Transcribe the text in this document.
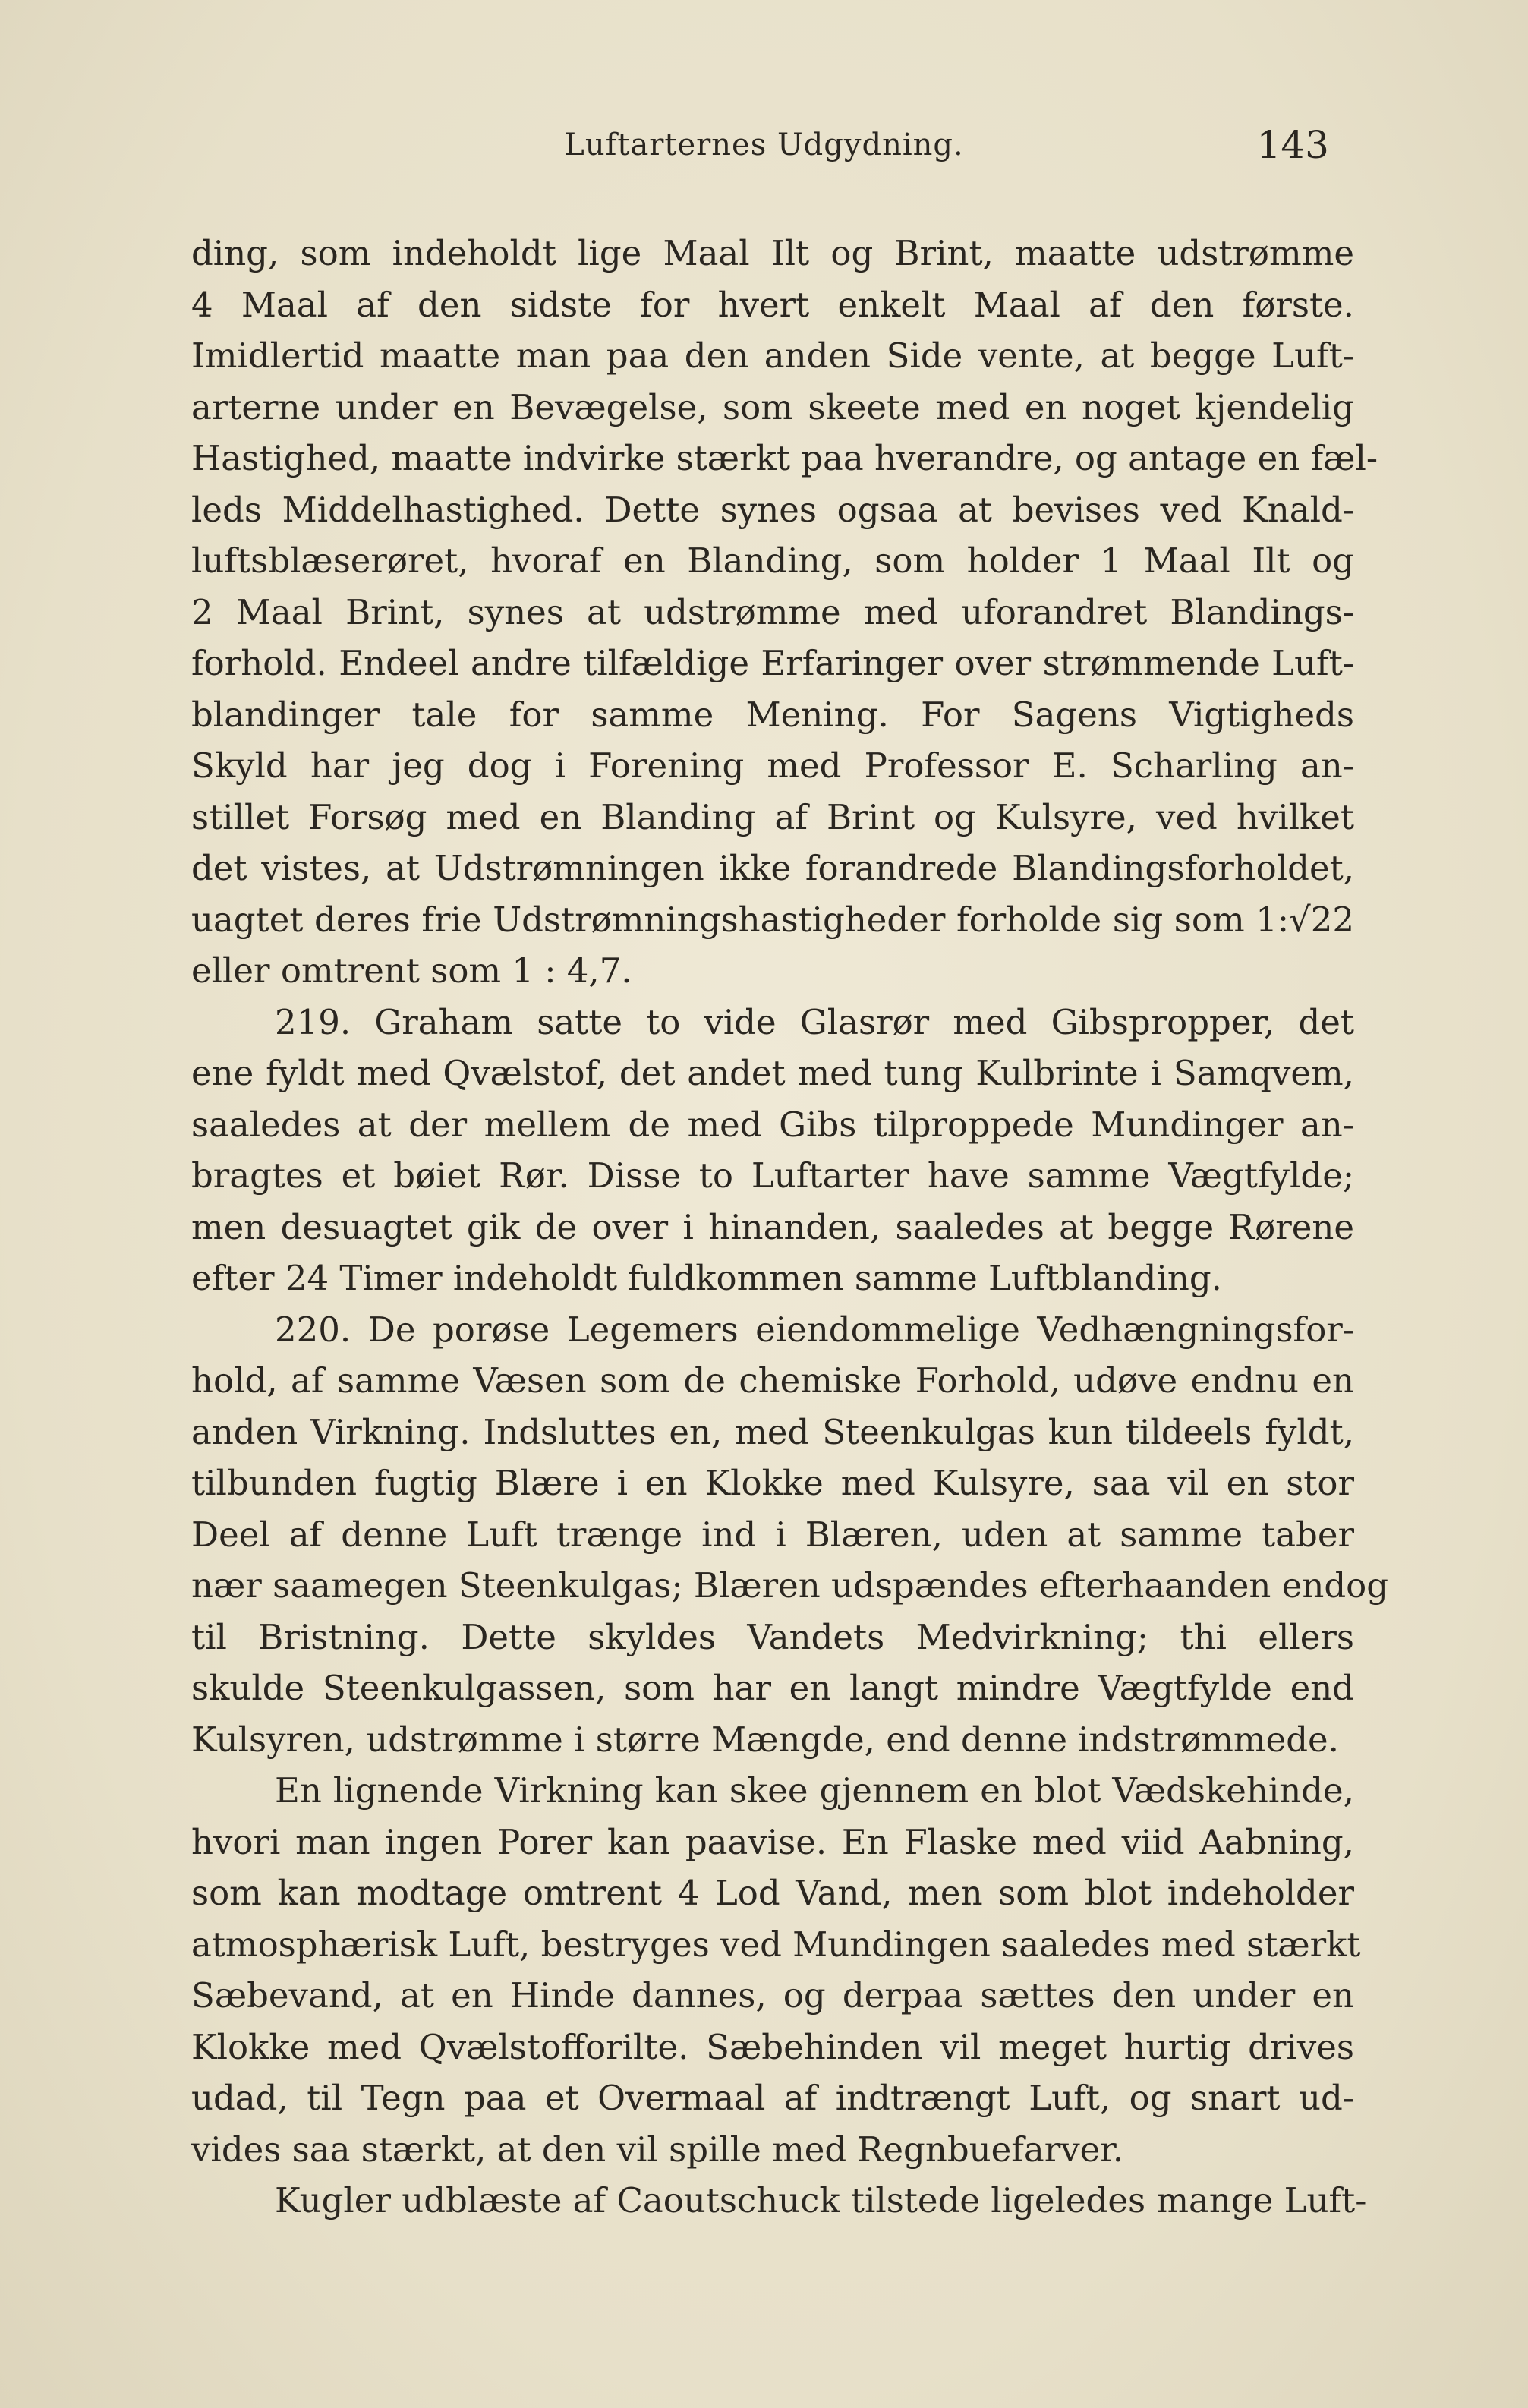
Luftarternes Udgydning.	143
ding, som indeholdt lige Maal Ilt og Brint, maatte udstrømme
4 Maal af den sidste for hvert enkelt Maal af den første.
Imidlertid maatte man paa den anden Side vente, at begge Luft-
arterne under en Bevægelse, som skeete med en noget kjendelig
Hastighed, maatte indvirke stærkt paa hverandre, og antage en fæl-
leds Middelhastighed. Dette synes ogsaa at bevises ved Knald-
luftsblæserøret, hvoraf en Blanding, som holder 1 Maal Ilt og
2 Maal Brint, synes at udstrømme med uforandret Blandings-
forhold. Endeel andre tilfældige Erfaringer over strømmende Luft-
blandinger tale for samme Mening. For Sagens Vigtigheds
Skyld har jeg dog i Forening med Professor E. Scharling an-
stillet Forsøg med en Blanding af Brint og Kulsyre, ved hvilket
det vistes, at Udstrømningen ikke forandrede Blandingsforholdet,
uagtet deres frie Udstrømningshastigheder forholde sig som 1:√22
eller omtrent som 1 : 4,7.
219. Graham satte to vide Glasrør med Gibspropper, det
ene fyldt med Qvælstof, det andet med tung Kulbrinte i Samqvem,
saaledes at der mellem de med Gibs tilproppede Mundinger an-
bragtes et bøiet Rør. Disse to Luftarter have samme Vægtfylde;
men desuagtet gik de over i hinanden, saaledes at begge Rørene
efter 24 Timer indeholdt fuldkommen samme Luftblanding.
220. De porøse Legemers eiendommelige Vedhængningsfor-
hold, af samme Væsen som de chemiske Forhold, udøve endnu en
anden Virkning. Indsluttes en, med Steenkulgas kun tildeels fyldt,
tilbunden fugtig Blære i en Klokke med Kulsyre, saa vil en stor
Deel af denne Luft trænge ind i Blæren, uden at samme taber
nær saamegen Steenkulgas; Blæren udspændes efterhaanden endog
til Bristning. Dette skyldes Vandets Medvirkning; thi ellers
skulde Steenkulgassen, som har en langt mindre Vægtfylde end
Kulsyren, udstrømme i større Mængde, end denne indstrømmede.
En lignende Virkning kan skee gjennem en blot Vædskehinde,
hvori man ingen Porer kan paavise. En Flaske med viid Aabning,
som kan modtage omtrent 4 Lod Vand, men som blot indeholder
atmosphærisk Luft, bestryges ved Mundingen saaledes med stærkt
Sæbevand, at en Hinde dannes, og derpaa sættes den under en
Klokke med Qvælstofforilte. Sæbehinden vil meget hurtig drives
udad, til Tegn paa et Overmaal af indtrængt Luft, og snart ud-
vides saa stærkt, at den vil spille med Regnbuefarver.
Kugler udblæste af Caoutschuck tilstede ligeledes mange Luft-
